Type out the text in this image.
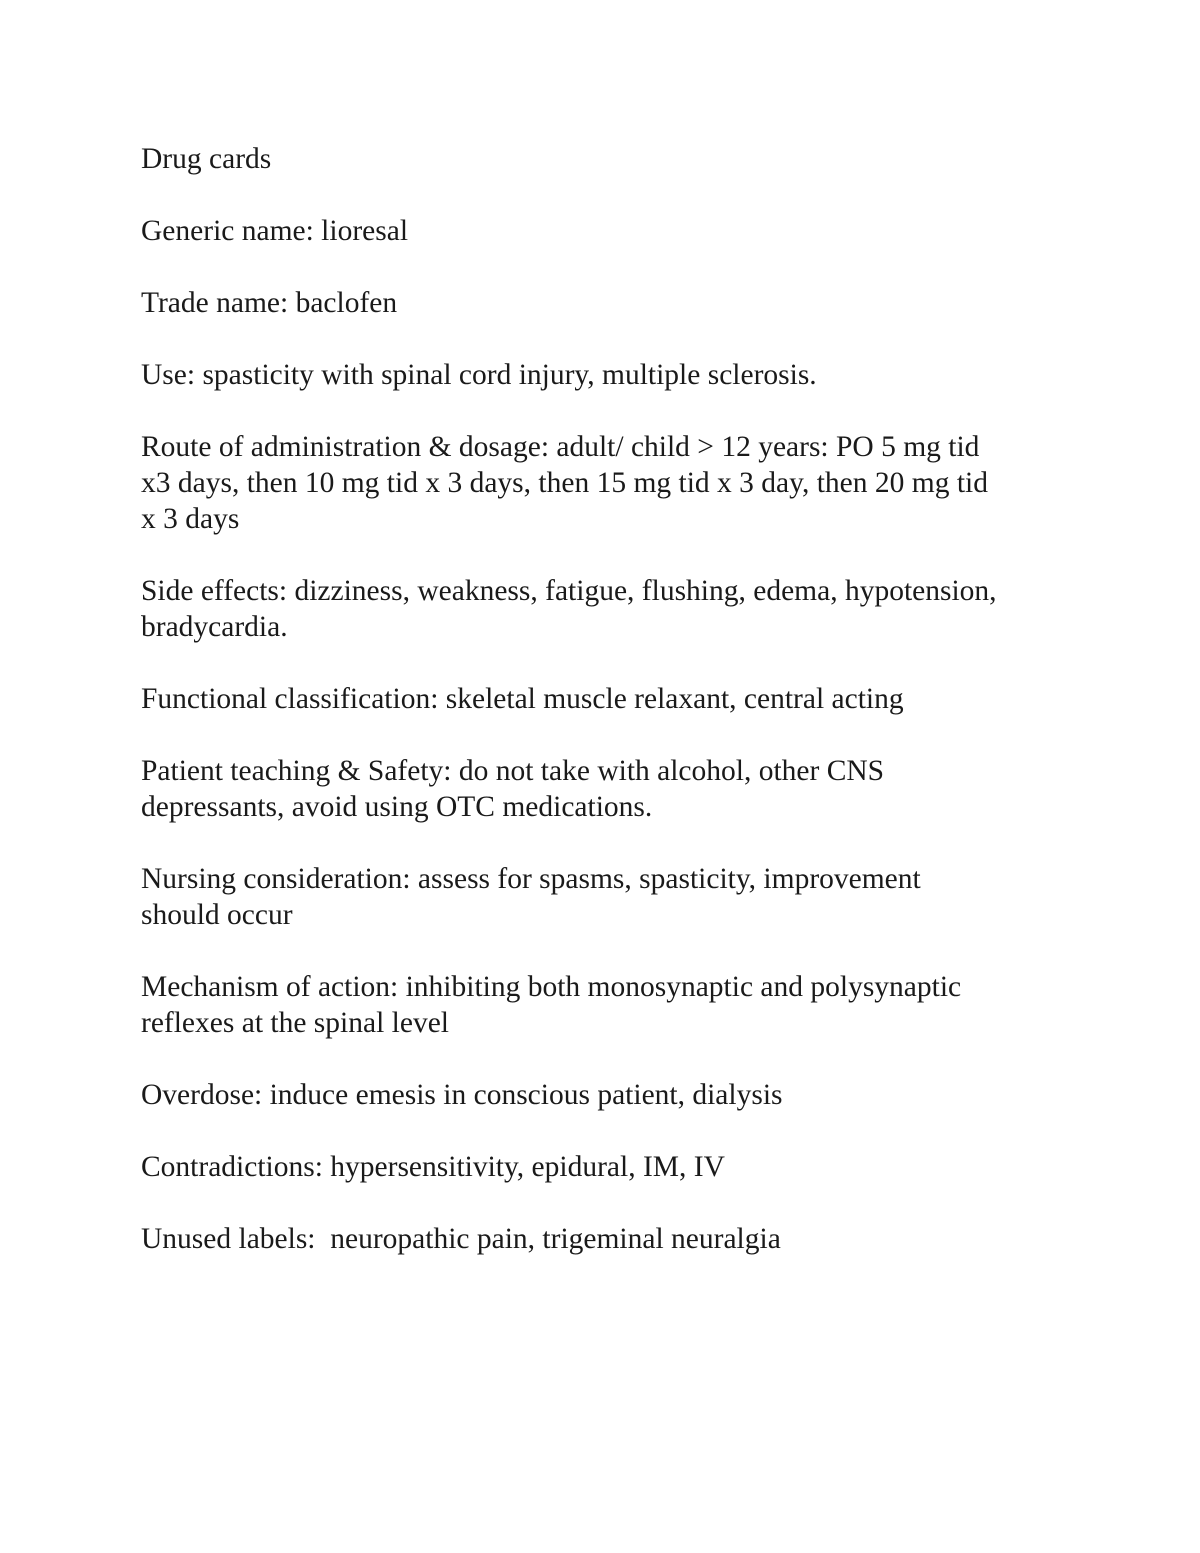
Drug cards
Generic name: lioresal
Trade name: baclofen
Use: spasticity with spinal cord injury, multiple sclerosis.
Route of administration & dosage: adult/ child > 12 years: PO 5 mg tid
x3 days, then 10 mg tid x 3 days, then 15 mg tid x 3 day, then 20 mg tid
x 3 days
Side effects: dizziness, weakness, fatigue, flushing, edema, hypotension,
bradycardia.
Functional classification: skeletal muscle relaxant, central acting
Patient teaching & Safety: do not take with alcohol, other CNS
depressants, avoid using OTC medications.
Nursing consideration: assess for spasms, spasticity, improvement
should occur
Mechanism of action: inhibiting both monosynaptic and polysynaptic
reflexes at the spinal level
Overdose: induce emesis in conscious patient, dialysis
Contradictions: hypersensitivity, epidural, IM, IV
Unused labels:  neuropathic pain, trigeminal neuralgia
